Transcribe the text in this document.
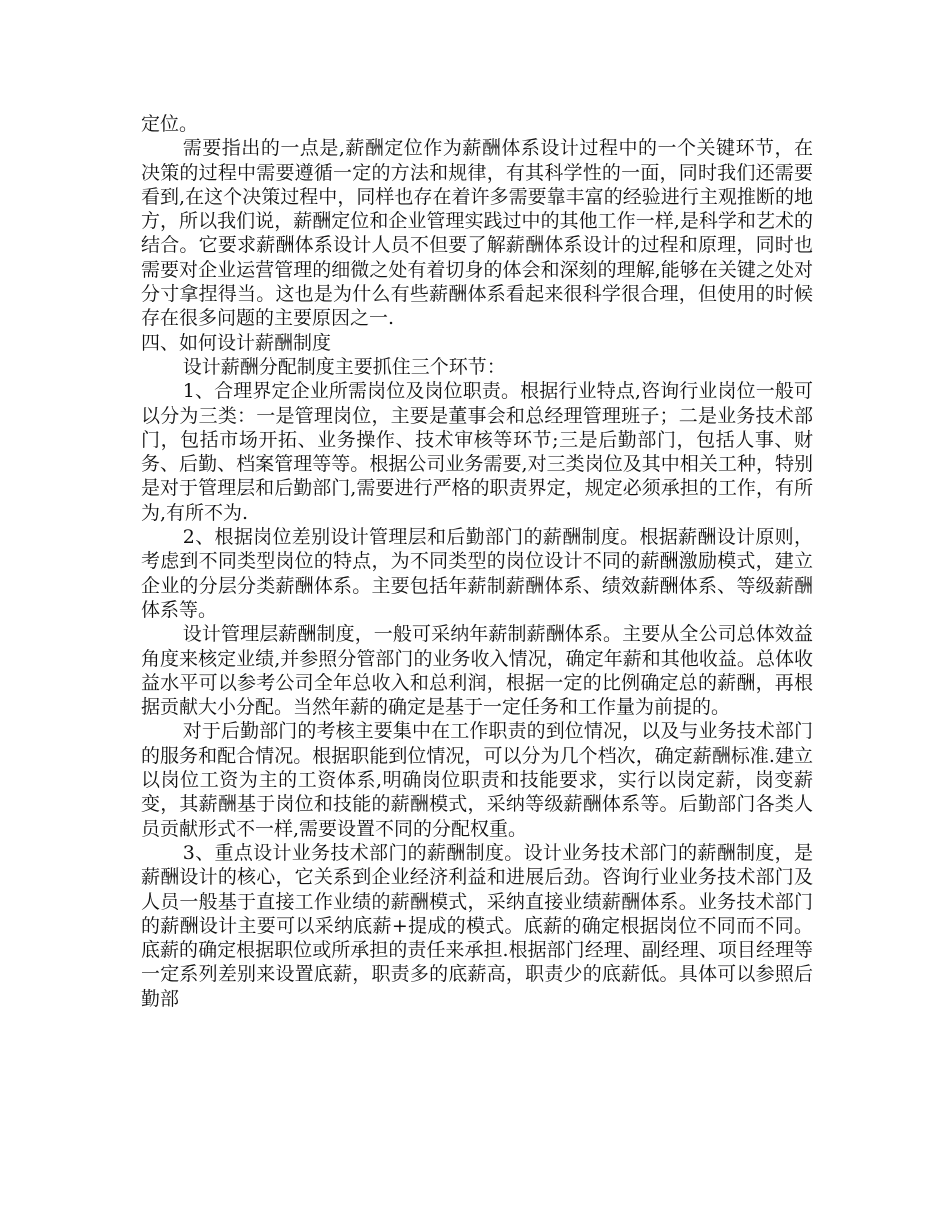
定位。

需要指出的一点是,薪酬定位作为薪酬体系设计过程中的一个关键环节，在决策的过程中需要遵循一定的方法和规律，有其科学性的一面，同时我们还需要看到,在这个决策过程中，同样也存在着许多需要靠丰富的经验进行主观推断的地方，所以我们说，薪酬定位和企业管理实践过中的其他工作一样,是科学和艺术的结合。它要求薪酬体系设计人员不但要了解薪酬体系设计的过程和原理，同时也需要对企业运营管理的细微之处有着切身的体会和深刻的理解,能够在关键之处对分寸拿捏得当。这也是为什么有些薪酬体系看起来很科学很合理，但使用的时候存在很多问题的主要原因之一.

四、如何设计薪酬制度

设计薪酬分配制度主要抓住三个环节：

1、合理界定企业所需岗位及岗位职责。根据行业特点,咨询行业岗位一般可以分为三类：一是管理岗位，主要是董事会和总经理管理班子；二是业务技术部门，包括市场开拓、业务操作、技术审核等环节;三是后勤部门，包括人事、财务、后勤、档案管理等等。根据公司业务需要,对三类岗位及其中相关工种，特别是对于管理层和后勤部门,需要进行严格的职责界定，规定必须承担的工作，有所为,有所不为.

2、根据岗位差别设计管理层和后勤部门的薪酬制度。根据薪酬设计原则，考虑到不同类型岗位的特点，为不同类型的岗位设计不同的薪酬激励模式，建立企业的分层分类薪酬体系。主要包括年薪制薪酬体系、绩效薪酬体系、等级薪酬体系等。

设计管理层薪酬制度，一般可采纳年薪制薪酬体系。主要从全公司总体效益角度来核定业绩,并参照分管部门的业务收入情况，确定年薪和其他收益。总体收益水平可以参考公司全年总收入和总利润，根据一定的比例确定总的薪酬，再根据贡献大小分配。当然年薪的确定是基于一定任务和工作量为前提的。

对于后勤部门的考核主要集中在工作职责的到位情况，以及与业务技术部门的服务和配合情况。根据职能到位情况，可以分为几个档次，确定薪酬标准.建立以岗位工资为主的工资体系,明确岗位职责和技能要求，实行以岗定薪，岗变薪变，其薪酬基于岗位和技能的薪酬模式，采纳等级薪酬体系等。后勤部门各类人员贡献形式不一样,需要设置不同的分配权重。

3、重点设计业务技术部门的薪酬制度。设计业务技术部门的薪酬制度，是薪酬设计的核心，它关系到企业经济利益和进展后劲。咨询行业业务技术部门及人员一般基于直接工作业绩的薪酬模式，采纳直接业绩薪酬体系。业务技术部门的薪酬设计主要可以采纳底薪+提成的模式。底薪的确定根据岗位不同而不同。底薪的确定根据职位或所承担的责任来承担.根据部门经理、副经理、项目经理等一定系列差别来设置底薪，职责多的底薪高，职责少的底薪低。具体可以参照后勤部
